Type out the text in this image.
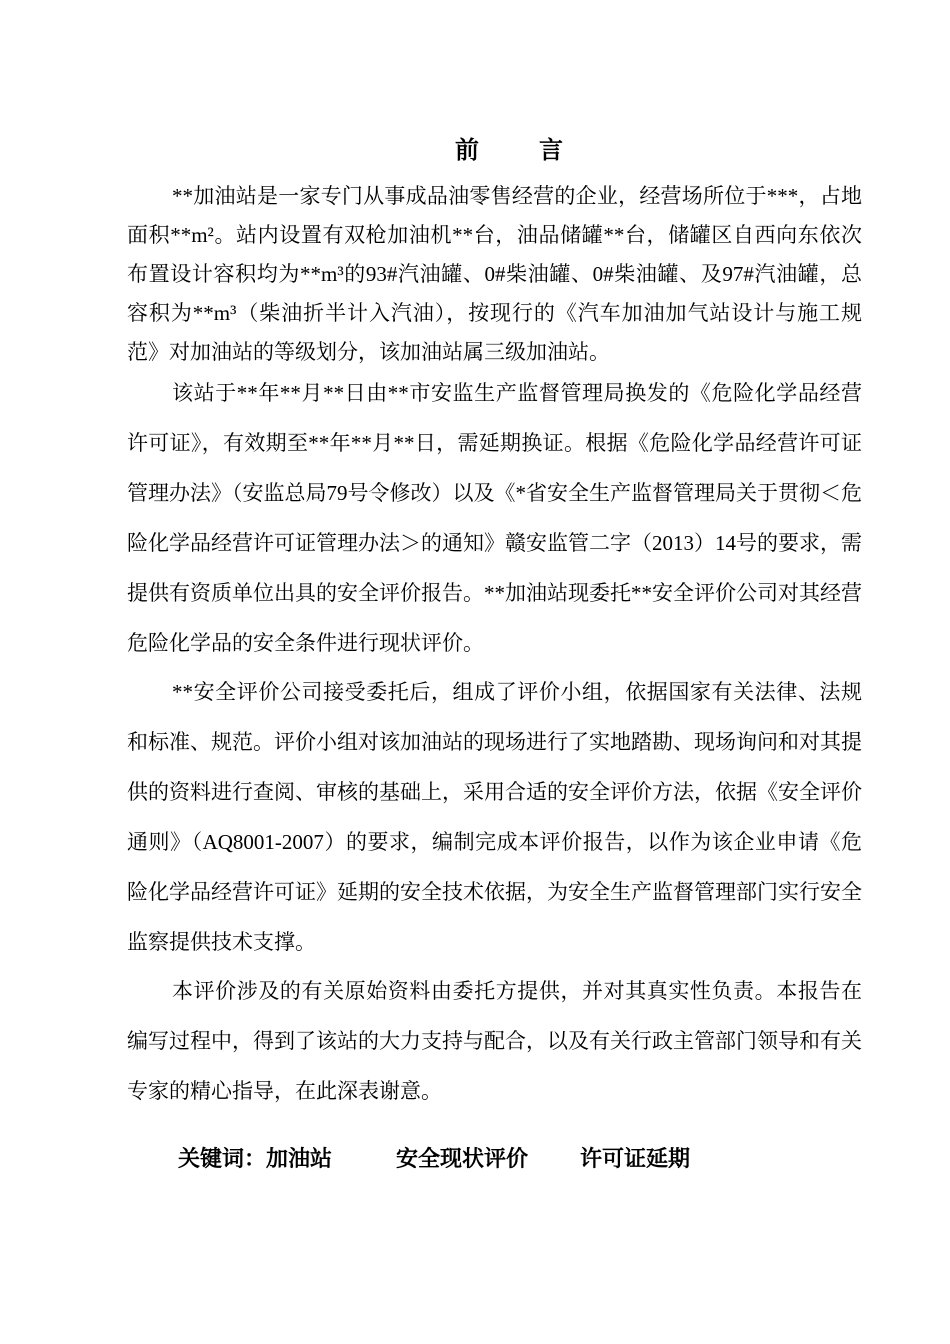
前　言

**加油站是一家专门从事成品油零售经营的企业，经营场所位于***，占地面积**m²。站内设置有双枪加油机**台，油品储罐**台，储罐区自西向东依次布置设计容积均为**m³的93#汽油罐、0#柴油罐、0#柴油罐、及97#汽油罐，总容积为**m³（柴油折半计入汽油），按现行的《汽车加油加气站设计与施工规范》对加油站的等级划分，该加油站属三级加油站。

该站于**年**月**日由**市安监生产监督管理局换发的《危险化学品经营许可证》，有效期至**年**月**日，需延期换证。根据《危险化学品经营许可证管理办法》（安监总局79号令修改）以及《*省安全生产监督管理局关于贯彻＜危险化学品经营许可证管理办法＞的通知》赣安监管二字（2013）14号的要求，需提供有资质单位出具的安全评价报告。**加油站现委托**安全评价公司对其经营危险化学品的安全条件进行现状评价。

**安全评价公司接受委托后，组成了评价小组，依据国家有关法律、法规和标准、规范。评价小组对该加油站的现场进行了实地踏勘、现场询问和对其提供的资料进行查阅、审核的基础上，采用合适的安全评价方法，依据《安全评价通则》（AQ8001-2007）的要求，编制完成本评价报告，以作为该企业申请《危险化学品经营许可证》延期的安全技术依据，为安全生产监督管理部门实行安全监察提供技术支撑。

本评价涉及的有关原始资料由委托方提供，并对其真实性负责。本报告在编写过程中，得到了该站的大力支持与配合，以及有关行政主管部门领导和有关专家的精心指导，在此深表谢意。

关键词：加油站	安全现状评价 许可证延期
